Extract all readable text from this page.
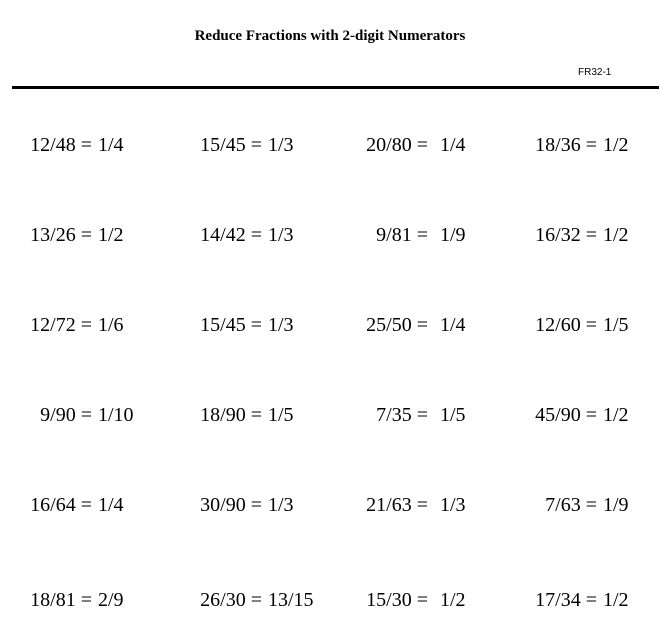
Reduce Fractions with 2-digit Numerators
FR32-1
12/48 = 1/4	15/45 = 1/3	20/80 = 1/4	18/36 = 1/2
13/26 = 1/2	14/42 = 1/3	9/81 = 1/9	16/32 = 1/2
12/72 = 1/6	15/45 = 1/3	25/50 = 1/4	12/60 = 1/5
9/90 = 1/10	18/90 = 1/5	7/35 = 1/5	45/90 = 1/2
16/64 = 1/4	30/90 = 1/3	21/63 = 1/3	7/63 = 1/9
18/81 = 2/9	26/30 = 13/15	15/30 = 1/2	17/34 = 1/2
